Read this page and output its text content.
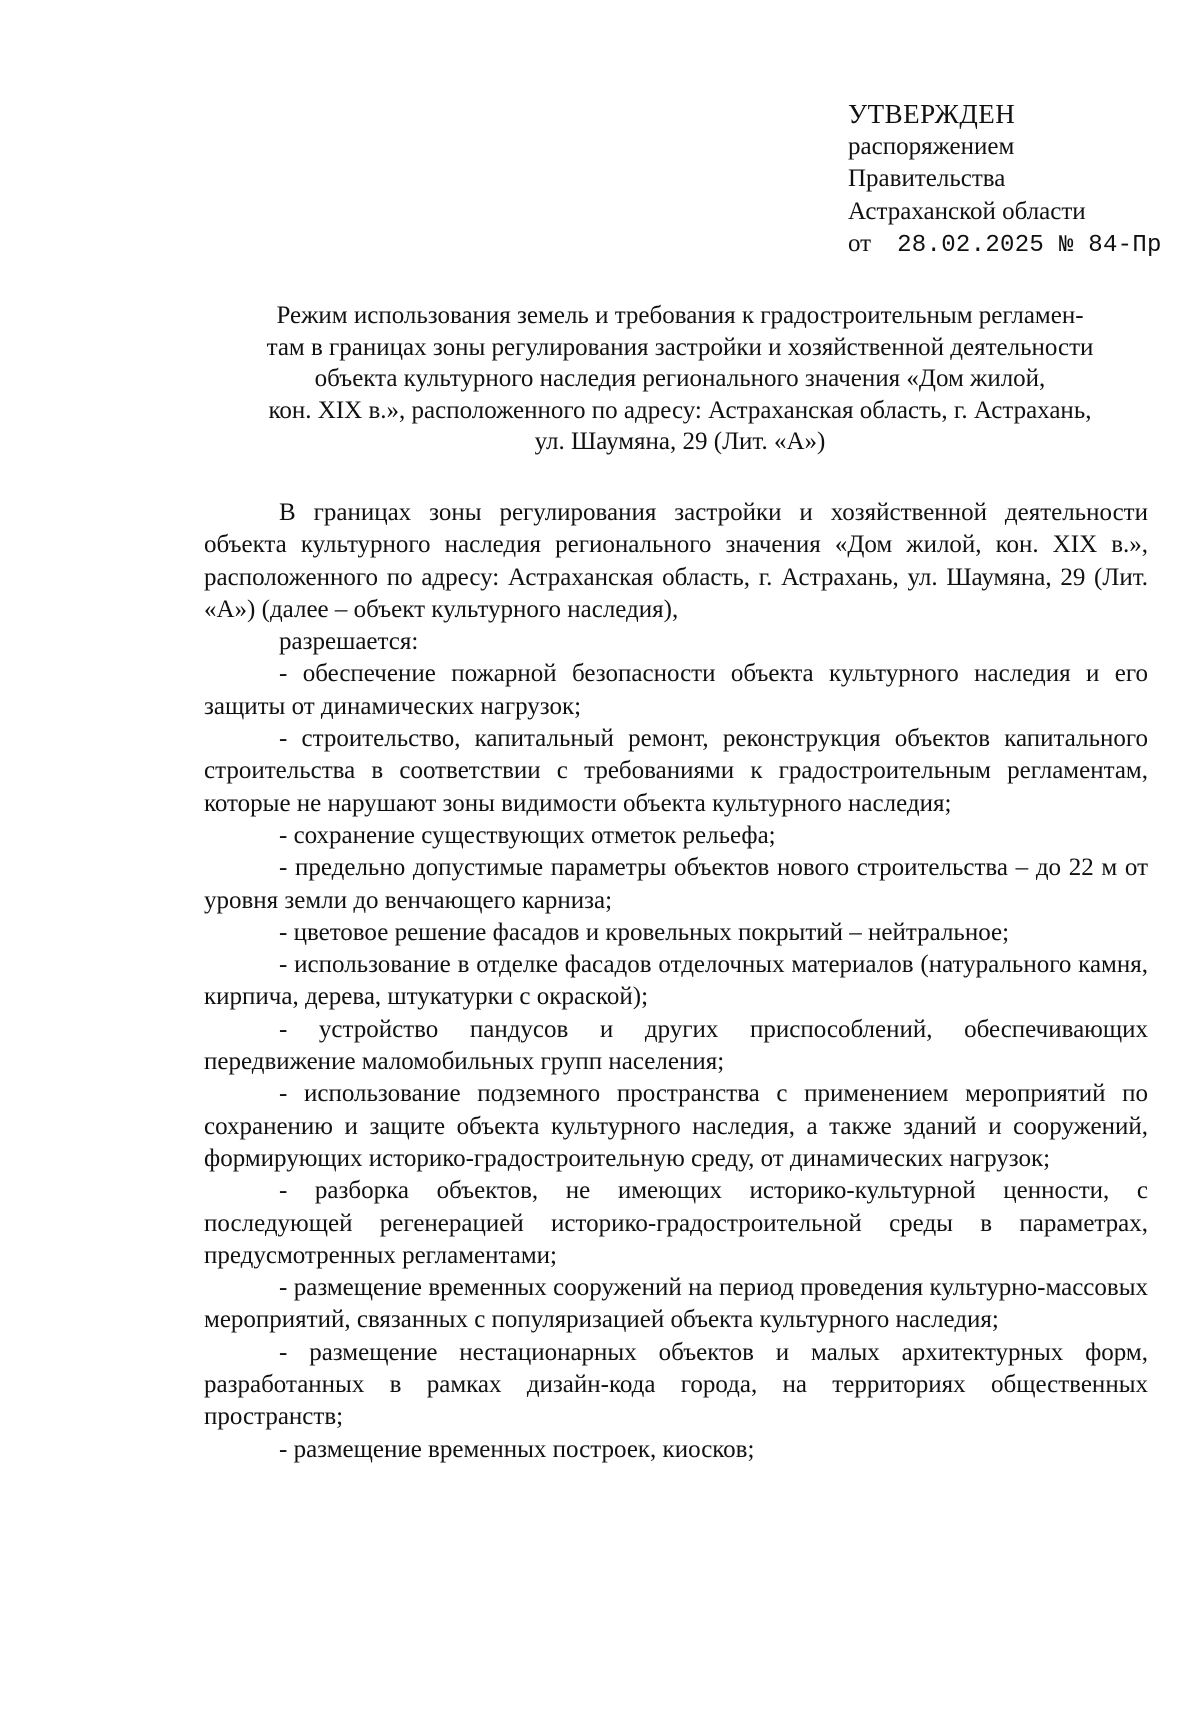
УТВЕРЖДЕН
распоряжением
Правительства
Астраханской области
от 28.02.2025 № 84-Пр
Режим использования земель и требования к градостроительным регламен-
там в границах зоны регулирования застройки и хозяйственной деятельности
объекта культурного наследия регионального значения «Дом жилой,
кон. XIX в.», расположенного по адресу: Астраханская область, г. Астрахань,
ул. Шаумяна, 29 (Лит. «А»)

В границах зоны регулирования застройки и хозяйственной деятельности объекта культурного наследия регионального значения «Дом жилой, кон. XIX в.», расположенного по адресу: Астраханская область, г. Астрахань, ул. Шаумяна, 29 (Лит. «А») (далее – объект культурного наследия),

разрешается:

- обеспечение пожарной безопасности объекта культурного наследия и его защиты от динамических нагрузок;

- строительство, капитальный ремонт, реконструкция объектов капитального строительства в соответствии с требованиями к градостроительным регламентам, которые не нарушают зоны видимости объекта культурного наследия;

- сохранение существующих отметок рельефа;

- предельно допустимые параметры объектов нового строительства – до 22 м от уровня земли до венчающего карниза;

- цветовое решение фасадов и кровельных покрытий – нейтральное;

- использование в отделке фасадов отделочных материалов (натурального камня, кирпича, дерева, штукатурки с окраской);

- устройство пандусов и других приспособлений, обеспечивающих передвижение маломобильных групп населения;

- использование подземного пространства с применением мероприятий по сохранению и защите объекта культурного наследия, а также зданий и сооружений, формирующих историко-градостроительную среду, от динамических нагрузок;

- разборка объектов, не имеющих историко-культурной ценности, с последующей регенерацией историко-градостроительной среды в параметрах, предусмотренных регламентами;

- размещение временных сооружений на период проведения культурно-массовых мероприятий, связанных с популяризацией объекта культурного наследия;

- размещение нестационарных объектов и малых архитектурных форм, разработанных в рамках дизайн-кода города, на территориях общественных пространств;

- размещение временных построек, киосков;
